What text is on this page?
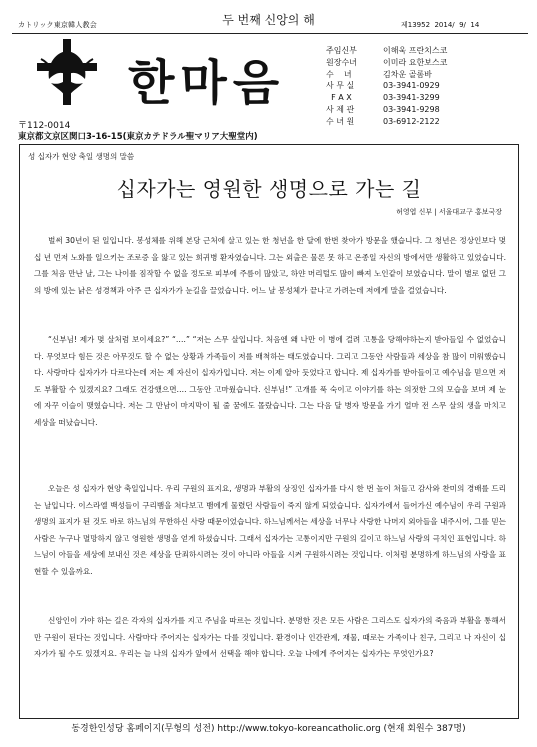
カトリック東京韓人教会	두 번째 신앙의 해	제13952  2014/  9/  14
한마음
주임신부	이해욱 프란치스코
원장수녀	이미라 요한보스코
수    녀	김차운 골롬바
사 무 실	03-3941-0929
F A X	03-3941-3299
사 제 관	03-3941-9298
수 녀 원	03-6912-2122
〒112-0014
東京都文京区関口3-16-15(東京カテドラル聖マリア大聖堂内)
성 십자가 현양 축일 생명의 말씀
십자가는 영원한 생명으로 가는 길
허영엽 신부 | 서울대교구 홍보국장

벌써 30년이 된 일입니다. 봉성체를 위해 본당 근처에 살고 있는 한 청년을 한 달에 한번 찾아가 방문을 했습니다. 그 청년은 정상인보다 몇 십 년 먼저 노화를 일으키는 조로증 을 앓고 있는 희귀병 환자였습니다. 그는 외출은 물론 못 하고 온종일 자신의 방에서만 생활하고 있었습니다. 그를 처음 만난 날, 그는 나이를 짐작할 수 없을 정도로 피부에 주름이 많았고, 하얀 머리털도 많이 빠져 노인같이 보였습니다. 말이 별로 없던 그의 방에 있는 낡은 성경책과 아주 큰 십자가가 눈길을 끌었습니다. 어느 날 봉성체가 끝나고 가려는데 저에게 말을 걸었습니다.

“신부님! 제가 몇 살처럼 보이세요?” “….” “저는 스무 살입니다. 처음엔 왜 나만 이 병에 걸려 고통을 당해야하는지 받아들일 수 없었습니다. 무엇보다 힘든 것은 아무것도 할 수 없는 상황과 가족들이 저를 배척하는 태도였습니다. 그리고 그동안 사람들과 세상을 참 많이 미워했습니다. 사랑마다 십자가가 다르다는데 저는 제 자신이 십자가입니다. 저는 이제 알아 듯었다고 합니다. 제 십자가를 받아들이고 예수님을 믿으면 저도 부활할 수 있겠지요? 그래도 건강했으면…. 그동안 고마웠습니다. 신부님!” 고개를 푹 숙이고 이야기를 하는 의젓한 그의 모습을 보며 제 눈에 자꾸 이슬이 맺혔습니다. 저는 그 만남이 마지막이 될 줄 꿈에도 몰랐습니다. 그는 다음 달 병자 방문을 가기 얼마 전 스무 살의 생을 마치고 세상을 떠났습니다.

오늘은 성 십자가 현양 축일입니다. 우리 구원의 표지요, 생명과 부활의 상징인 십자가를 다시 한 번 높이 쳐들고 감사와 찬미의 경배를 드리는 날입니다. 이스라엘 백성들이 구리뱀을 쳐다보고 뱀에게 물렸던 사람들이 죽지 않게 되었습니다. 십자가에서 들어가신 예수님이 우리 구원과 생명의 표지가 된 것도 바로 하느님의 무한하신 사랑 때문이었습니다. 하느님께서는 세상을 너무나 사랑한 나머지 외아들을 내주시어, 그를 믿는 사람은 누구나 멸망하지 않고 영원한 생명을 얻게 하셨습니다. 그래서 십자가는 고통이지만 구원의 길이고 하느님 사랑의 극치인 표현입니다. 하느님이 아들을 세상에 보내신 것은 세상을 단죄하시려는 것이 아니라 아들을 시켜 구원하시려는 것입니다. 이처럼 분명하게 하느님의 사랑을 표현할 수 있을까요.

신앙인이 가야 하는 길은 각자의 십자가를 지고 주님을 따르는 것입니다. 분명한 것은 모든 사람은 그리스도 십자가의 죽음과 부활을 통해서만 구원이 된다는 것입니다. 사람마다 주어지는 십자가는 다를 것입니다. 환경이나 인간관계, 재물, 때로는 가족이나 친구, 그리고 나 자신이 십자가가 될 수도 있겠지요. 우리는 늘 나의 십자가 앞에서 선택을 해야 합니다. 오늘 나에게 주어지는 십자가는 무엇인가요?

동경한인성당 홈페이지(무형의 성전) http://www.tokyo-koreancatholic.org (현재 회원수 387명)
